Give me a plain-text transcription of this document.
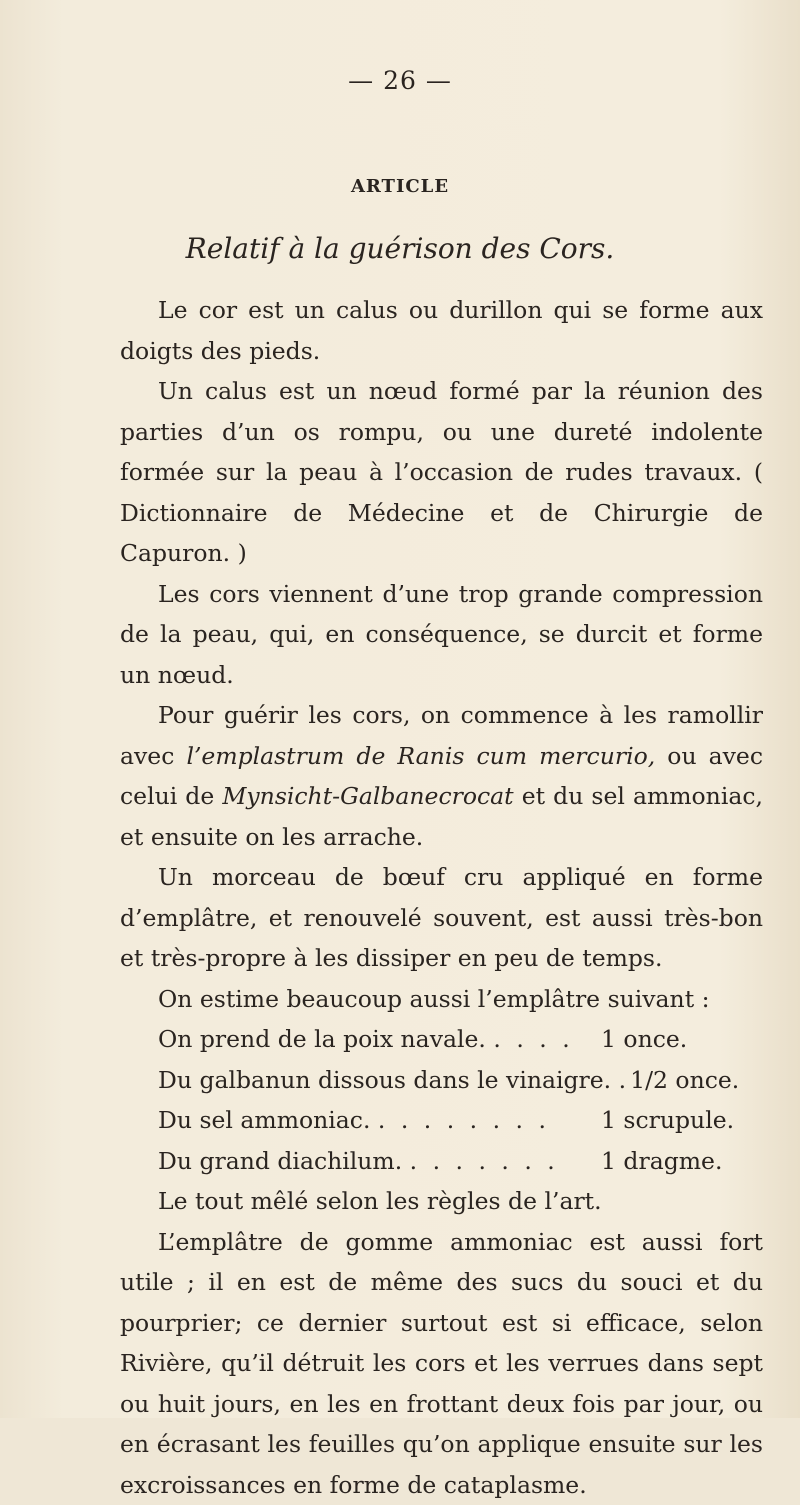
— 26 —
ARTICLE
Relatif à la guérison des Cors.

Le cor est un calus ou durillon qui se forme aux doigts des pieds.

Un calus est un nœud formé par la réunion des parties d’un os rompu, ou une dureté indolente formée sur la peau à l’occasion de rudes travaux. ( Dictionnaire de Médecine et de Chirurgie de Capuron. )

Les cors viennent d’une trop grande compression de la peau, qui, en conséquence, se durcit et forme un nœud.

Pour guérir les cors, on commence à les ramollir avec l’emplastrum de Ranis cum mercurio, ou avec celui de Mynsicht-Galbanecrocat et du sel ammoniac, et ensuite on les arrache.

Un morceau de bœuf cru appliqué en forme d’emplâtre, et renouvelé souvent, est aussi très-bon et très-propre à les dissiper en peu de temps.

On estime beaucoup aussi l’emplâtre suivant :

On prend de la poix navale. . . . .	1 once.
Du galbanun dissous dans le vinaigre. . 1/2 once.
Du sel ammoniac. . . . . . . . .	1 scrupule.
Du grand diachilum. . . . . . . .	1 dragme.

Le tout mêlé selon les règles de l’art.

L’emplâtre de gomme ammoniac est aussi fort utile ; il en est de même des sucs du souci et du pourprier; ce dernier surtout est si efficace, selon Rivière, qu’il détruit les cors et les verrues dans sept ou huit jours, en les en frottant deux fois par jour, ou en écrasant les feuilles qu’on applique ensuite sur les excroissances en forme de cataplasme.
